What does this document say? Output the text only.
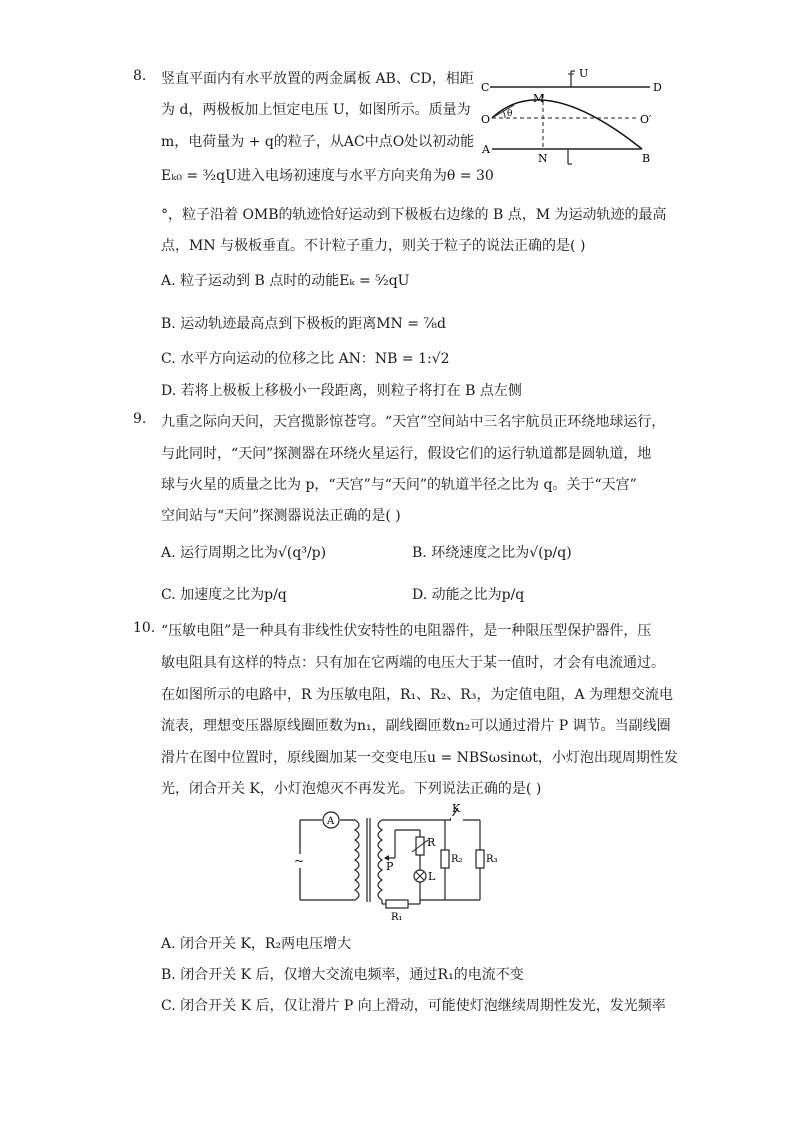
8. 竖直平面内有水平放置的两金属板 AB、CD，相距
为 d，两极板加上恒定电压 U，如图所示。质量为
m，电荷量为 + q的粒子，从AC中点O处以初动能
Eₖ₀ = ³⁄₂qU进入电场初速度与水平方向夹角为θ = 30
°，粒子沿着 OMB的轨迹恰好运动到下极板右边缘的 B 点，M 为运动轨迹的最高
点，MN 与极板垂直。不计粒子重力，则关于粒子的说法正确的是( )
A. 粒子运动到 B 点时的动能Eₖ = ⁵⁄₂qU
B. 运动轨迹最高点到下极板的距离MN = ⁷⁄₈d
C. 水平方向运动的位移之比 AN：NB = 1:√2
D. 若将上极板上移极小一段距离，则粒子将打在 B 点左侧
C	D
U
M
O	O′
θ
A
N	B
9. 九重之际向天问，天宫揽影惊苍穹。“天宫”空间站中三名宇航员正环绕地球运行，
与此同时，“天问”探测器在环绕火星运行，假设它们的运行轨道都是圆轨道，地
球与火星的质量之比为 p，“天宫”与“天问”的轨道半径之比为 q。关于“天宫”
空间站与“天问”探测器说法正确的是( )
A. 运行周期之比为√(q³/p)	B. 环绕速度之比为√(p/q)
C. 加速度之比为p/q	D. 动能之比为p/q
10. “压敏电阻”是一种具有非线性伏安特性的电阻器件，是一种限压型保护器件，压
敏电阻具有这样的特点：只有加在它两端的电压大于某一值时，才会有电流通过。
在如图所示的电路中，R 为压敏电阻，R₁、R₂、R₃，为定值电阻，A 为理想交流电
流表，理想变压器原线圈匝数为n₁，副线圈匝数n₂可以通过滑片 P 调节。当副线圈
滑片在图中位置时，原线圈加某一交变电压u = NBSωsinωt，小灯泡出现周期性发
光，闭合开关 K，小灯泡熄灭不再发光。下列说法正确的是( )
A
~	P
K
R
L
R₂ R₃
R₁
A. 闭合开关 K，R₂两电压增大
B. 闭合开关 K 后，仅增大交流电频率，通过R₁的电流不变
C. 闭合开关 K 后，仅让滑片 P 向上滑动，可能使灯泡继续周期性发光，发光频率
